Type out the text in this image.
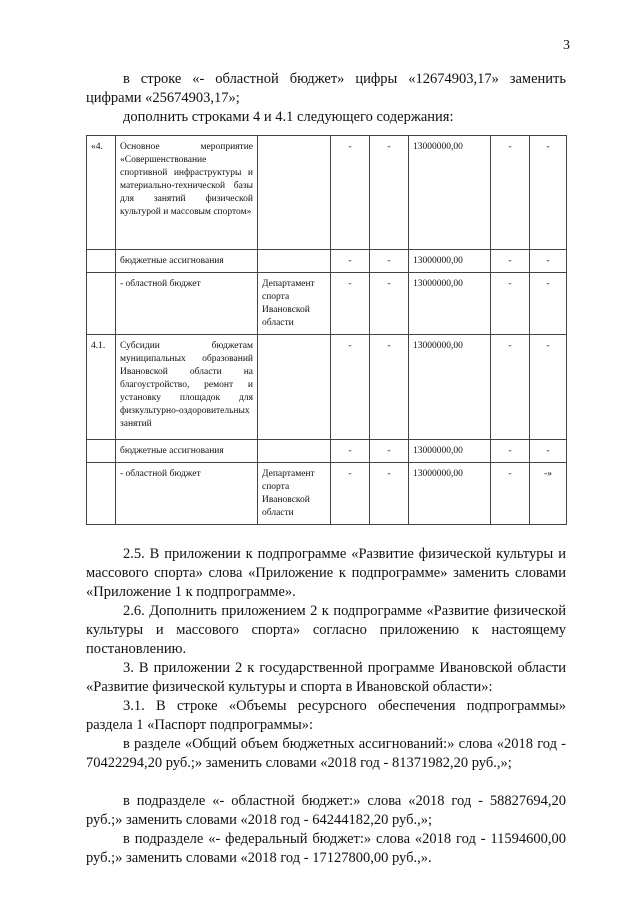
3

в строке «- областной бюджет» цифры «12674903,17» заменить цифрами «25674903,17»;

дополнить строками 4 и 4.1 следующего содержания:

«4.	Основное мероприятие «Совершенствование спортивной инфраструктуры и материально-технической базы для занятий физической культурой и массовым спортом»		-	-	13000000,00	-	-
	бюджетные ассигнования		-	-	13000000,00	-	-
	- областной бюджет	Департамент спорта Ивановской области	-	-	13000000,00	-	-
4.1.	Субсидии бюджетам муниципальных образований Ивановской области на благоустройство, ремонт и установку площадок для физкультурно-оздоровительных занятий		-	-	13000000,00	-	-
	бюджетные ассигнования		-	-	13000000,00	-	-
	- областной бюджет	Департамент спорта Ивановской области	-	-	13000000,00	-	-»

2.5. В приложении к подпрограмме «Развитие физической культуры и массового спорта» слова «Приложение к подпрограмме» заменить словами «Приложение 1 к подпрограмме».

2.6. Дополнить приложением 2 к подпрограмме «Развитие физической культуры и массового спорта» согласно приложению к настоящему постановлению.

3. В приложении 2 к государственной программе Ивановской области «Развитие физической культуры и спорта в Ивановской области»:

3.1. В строке «Объемы ресурсного обеспечения подпрограммы» раздела 1 «Паспорт подпрограммы»:

в разделе «Общий объем бюджетных ассигнований:» слова «2018 год - 70422294,20 руб.;» заменить словами «2018 год - 81371982,20 руб.,»;

в подразделе «- областной бюджет:» слова «2018 год - 58827694,20 руб.;» заменить словами «2018 год - 64244182,20 руб.,»;

в подразделе «- федеральный бюджет:» слова «2018 год - 11594600,00 руб.;» заменить словами «2018 год - 17127800,00 руб.,».
